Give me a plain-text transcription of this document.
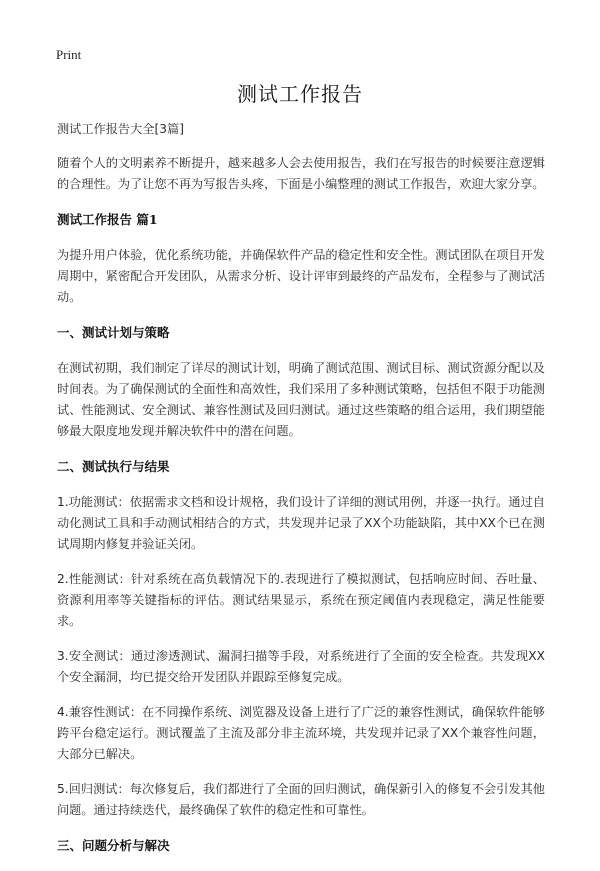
Print
测试工作报告

测试工作报告大全[3篇]

随着个人的文明素养不断提升，越来越多人会去使用报告，我们在写报告的时候要注意逻辑的合理性。为了让您不再为写报告头疼，下面是小编整理的测试工作报告，欢迎大家分享。

测试工作报告 篇1

为提升用户体验，优化系统功能，并确保软件产品的稳定性和安全性。测试团队在项目开发周期中，紧密配合开发团队，从需求分析、设计评审到最终的产品发布，全程参与了测试活动。

一、测试计划与策略

在测试初期，我们制定了详尽的测试计划，明确了测试范围、测试目标、测试资源分配以及时间表。为了确保测试的全面性和高效性，我们采用了多种测试策略，包括但不限于功能测试、性能测试、安全测试、兼容性测试及回归测试。通过这些策略的组合运用，我们期望能够最大限度地发现并解决软件中的潜在问题。

二、测试执行与结果

1.功能测试：依据需求文档和设计规格，我们设计了详细的测试用例，并逐一执行。通过自动化测试工具和手动测试相结合的方式，共发现并记录了XX个功能缺陷，其中XX个已在测试周期内修复并验证关闭。

2.性能测试：针对系统在高负载情况下的.表现进行了模拟测试，包括响应时间、吞吐量、资源利用率等关键指标的评估。测试结果显示，系统在预定阈值内表现稳定，满足性能要求。

3.安全测试：通过渗透测试、漏洞扫描等手段，对系统进行了全面的安全检查。共发现XX个安全漏洞，均已提交给开发团队并跟踪至修复完成。

4.兼容性测试：在不同操作系统、浏览器及设备上进行了广泛的兼容性测试，确保软件能够跨平台稳定运行。测试覆盖了主流及部分非主流环境，共发现并记录了XX个兼容性问题，大部分已解决。

5.回归测试：每次修复后，我们都进行了全面的回归测试，确保新引入的修复不会引发其他问题。通过持续迭代，最终确保了软件的稳定性和可靠性。

三、问题分析与解决
